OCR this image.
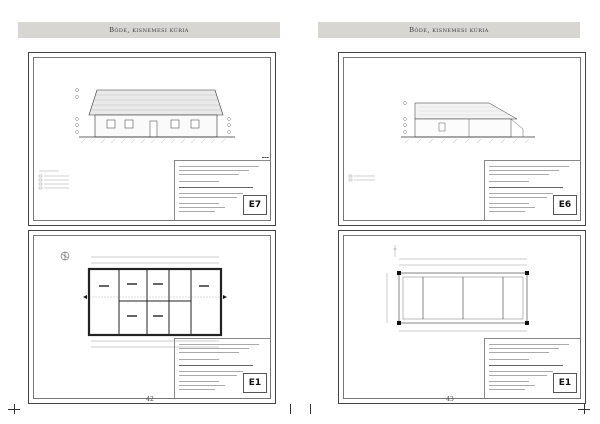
Bóde, kisnemesi kúria
▬▬▬
E7
E1
42
Bóde, kisnemesi kúria
E6
E1
43
